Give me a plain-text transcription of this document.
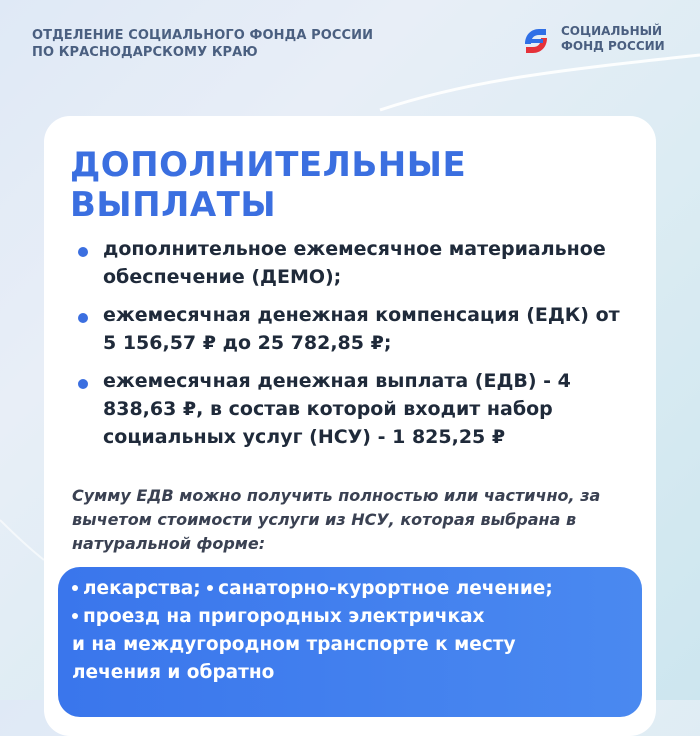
ОТДЕЛЕНИЕ СОЦИАЛЬНОГО ФОНДА РОССИИ
ПО КРАСНОДАРСКОМУ КРАЮ
СОЦИАЛЬНЫЙ
ФОНД РОССИИ
ДОПОЛНИТЕЛЬНЫЕ
ВЫПЛАТЫ
дополнительное ежемесячное материальное обеспечение (ДЕМО);
ежемесячная денежная компенсация (ЕДК) от 5 156,57 ₽ до 25 782,85 ₽;
ежемесячная денежная выплата (ЕДВ) - 4 838,63 ₽, в состав которой входит набор социальных услуг (НСУ) - 1 825,25 ₽
Сумму ЕДВ можно получить полностью или частично, за вычетом стоимости услуги из НСУ, которая выбрана в натуральной форме:
лекарства; санаторно-курортное лечение;
проезд на пригородных электричках
и на междугородном транспорте к месту
лечения и обратно
